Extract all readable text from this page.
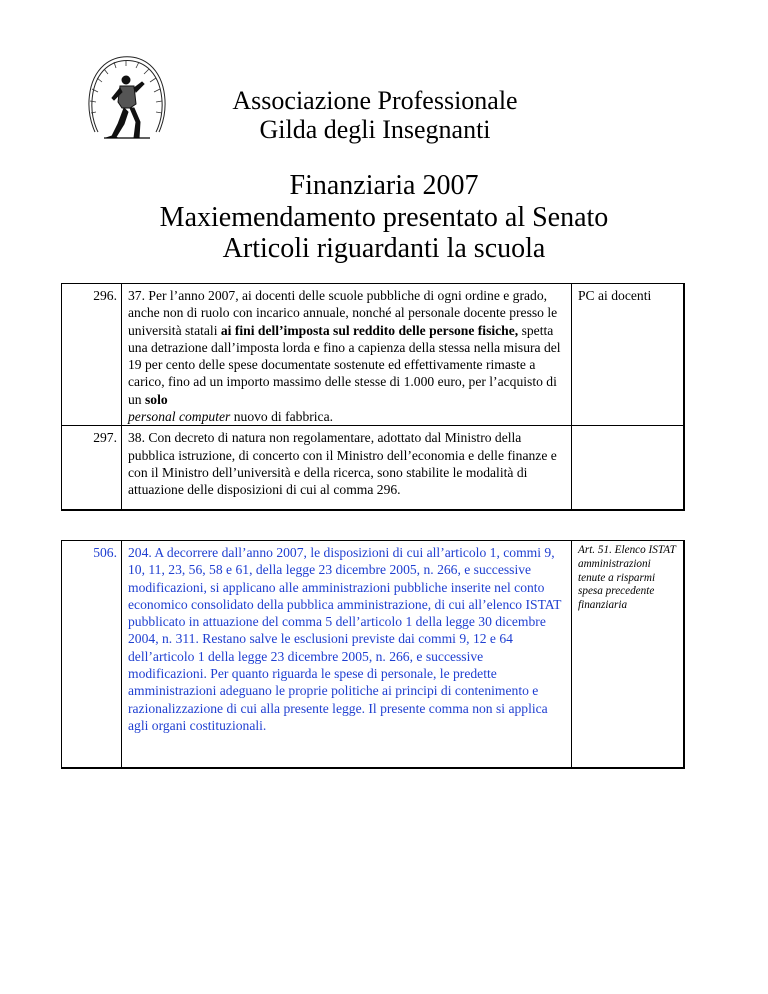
Associazione Professionale
Gilda degli Insegnanti
Finanziaria 2007
Maxiemendamento presentato al Senato
Articoli riguardanti la scuola
296.	37. Per l’anno 2007, ai docenti delle scuole pubbliche di ogni ordine e grado, anche non di ruolo con incarico annuale, nonché al personale docente presso le università statali ai fini dell’imposta sul reddito delle persone fisiche, spetta una detrazione dall’imposta lorda e fino a capienza della stessa nella misura del 19 per cento delle spese documentate sostenute ed effettivamente rimaste a carico, fino ad un importo massimo delle stesse di 1.000 euro, per l’acquisto di un solo
personal computer nuovo di fabbrica.	PC ai docenti
297.	38. Con decreto di natura non regolamentare, adottato dal Ministro della pubblica istruzione, di concerto con il Ministro dell’economia e delle finanze e con il Ministro dell’università e della ricerca, sono stabilite le modalità di attuazione delle disposizioni di cui al comma 296.	
506.	204. A decorrere dall’anno 2007, le disposizioni di cui all’articolo 1, commi 9, 10, 11, 23, 56, 58 e 61, della legge 23 dicembre 2005, n. 266, e successive modificazioni, si applicano alle amministrazioni pubbliche inserite nel conto economico consolidato della pubblica amministrazione, di cui all’elenco ISTAT pubblicato in attuazione del comma 5 dell’articolo 1 della legge 30 dicembre 2004, n. 311. Restano salve le esclusioni previste dai commi 9, 12 e 64 dell’articolo 1 della legge 23 dicembre 2005, n. 266, e successive modificazioni. Per quanto riguarda le spese di personale, le predette amministrazioni adeguano le proprie politiche ai principi di contenimento e razionalizzazione di cui alla presente legge. Il presente comma non si applica agli organi costituzionali.	Art. 51. Elenco ISTAT amministrazioni tenute a risparmi spesa precedente finanziaria
